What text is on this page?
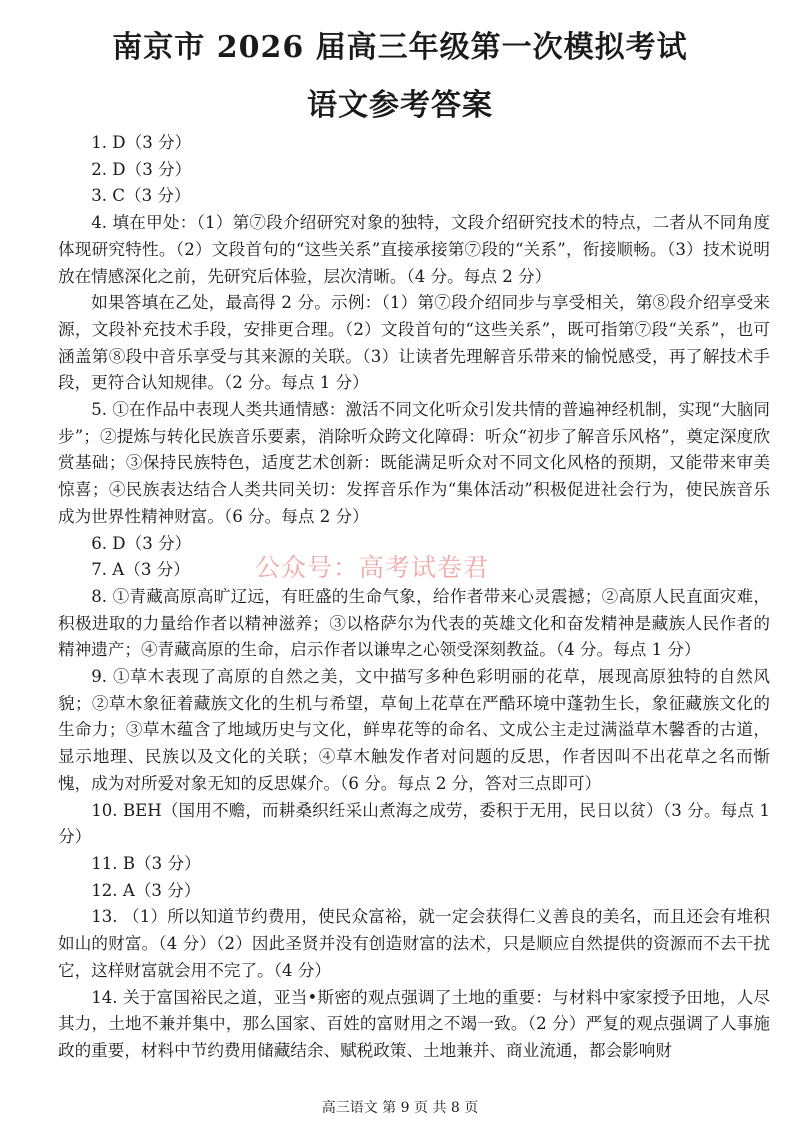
南京市 2026 届高三年级第一次模拟考试
语文参考答案

1. D（3 分）

2. D（3 分）

3. C（3 分）

4. 填在甲处：（1）第⑦段介绍研究对象的独特，文段介绍研究技术的特点，二者从不同角度体现研究特性。（2）文段首句的“这些关系”直接承接第⑦段的“关系”，衔接顺畅。（3）技术说明放在情感深化之前，先研究后体验，层次清晰。（4 分。每点 2 分）

如果答填在乙处，最高得 2 分。示例：（1）第⑦段介绍同步与享受相关，第⑧段介绍享受来源，文段补充技术手段，安排更合理。（2）文段首句的“这些关系”，既可指第⑦段“关系”，也可涵盖第⑧段中音乐享受与其来源的关联。（3）让读者先理解音乐带来的愉悦感受，再了解技术手段，更符合认知规律。（2 分。每点 1 分）

5. ①在作品中表现人类共通情感：激活不同文化听众引发共情的普遍神经机制，实现“大脑同步”；②提炼与转化民族音乐要素，消除听众跨文化障碍：听众“初步了解音乐风格”，奠定深度欣赏基础；③保持民族特色，适度艺术创新：既能满足听众对不同文化风格的预期，又能带来审美惊喜；④民族表达结合人类共同关切：发挥音乐作为“集体活动”积极促进社会行为，使民族音乐成为世界性精神财富。（6 分。每点 2 分）

6. D（3 分）

7. A（3 分）

8. ①青藏高原高旷辽远，有旺盛的生命气象，给作者带来心灵震撼；②高原人民直面灾难，积极进取的力量给作者以精神滋养；③以格萨尔为代表的英雄文化和奋发精神是藏族人民作者的精神遗产；④青藏高原的生命，启示作者以谦卑之心领受深刻教益。（4 分。每点 1 分）

9. ①草木表现了高原的自然之美，文中描写多种色彩明丽的花草，展现高原独特的自然风貌；②草木象征着藏族文化的生机与希望，草甸上花草在严酷环境中蓬勃生长，象征藏族文化的生命力；③草木蕴含了地域历史与文化，鲜卑花等的命名、文成公主走过满溢草木馨香的古道，显示地理、民族以及文化的关联；④草木触发作者对问题的反思，作者因叫不出花草之名而惭愧，成为对所爱对象无知的反思媒介。（6 分。每点 2 分，答对三点即可）

10. BEH（国用不赡，而耕桑织纴采山煮海之成劳，委积于无用，民日以贫）（3 分。每点 1 分）

11. B（3 分）

12. A（3 分）

13. （1）所以知道节约费用，使民众富裕，就一定会获得仁义善良的美名，而且还会有堆积如山的财富。（4 分）（2）因此圣贤并没有创造财富的法术，只是顺应自然提供的资源而不去干扰它，这样财富就会用不完了。（4 分）

14. 关于富国裕民之道，亚当•斯密的观点强调了土地的重要：与材料中家家授予田地，人尽其力，土地不兼并集中，那么国家、百姓的富财用之不竭一致。（2 分）严复的观点强调了人事施政的重要，材料中节约费用储藏结余、赋税政策、土地兼并、商业流通，都会影响财

公众号：高考试卷君
高三语文 第 9 页 共 8 页
